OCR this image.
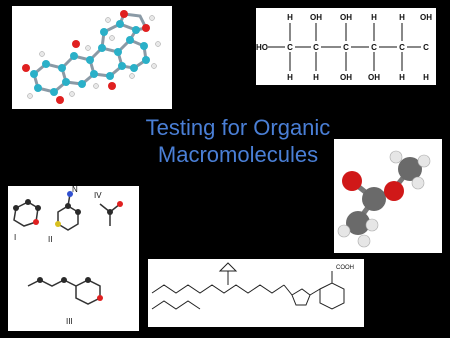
H OH OH H	H OH
HO C	C	C	C	C C
H	H	OH OH H H
Testing for Organic
Macromolecules
I	II
III
IV
N
COOH
